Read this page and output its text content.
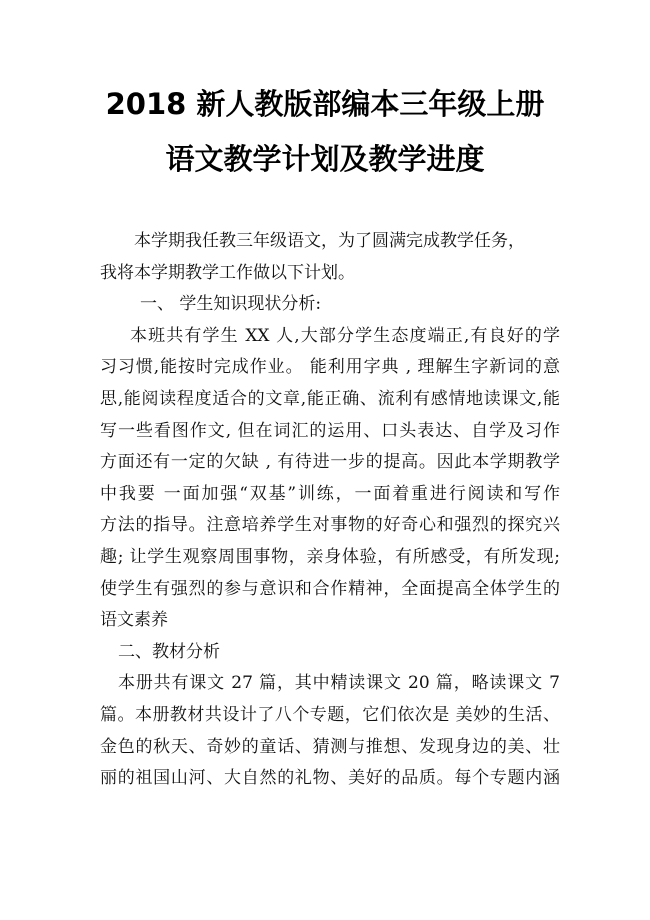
2018 新人教版部编本三年级上册
语文教学计划及教学进度
本学期我任教三年级语文，为了圆满完成教学任务，
我将本学期教学工作做以下计划。
一、 学生知识现状分析:
本班共有学生 XX 人,大部分学生态度端正,有良好的学
习习惯,能按时完成作业。 能利用字典 , 理解生字新词的意
思,能阅读程度适合的文章,能正确、流利有感情地读课文,能
写一些看图作文, 但在词汇的运用、口头表达、自学及习作
方面还有一定的欠缺 , 有待进一步的提高。因此本学期教学
中我要 一面加强“双基”训练，一面着重进行阅读和写作
方法的指导。注意培养学生对事物的好奇心和强烈的探究兴
趣; 让学生观察周围事物，亲身体验，有所感受，有所发现;
使学生有强烈的参与意识和合作精神，全面提高全体学生的
语文素养
二、教材分析
本册共有课文 27 篇，其中精读课文 20 篇，略读课文 7
篇。本册教材共设计了八个专题，它们依次是 美妙的生活、
金色的秋天、奇妙的童话、猜测与推想、发现身边的美、壮
丽的祖国山河、大自然的礼物、美好的品质。每个专题内涵
